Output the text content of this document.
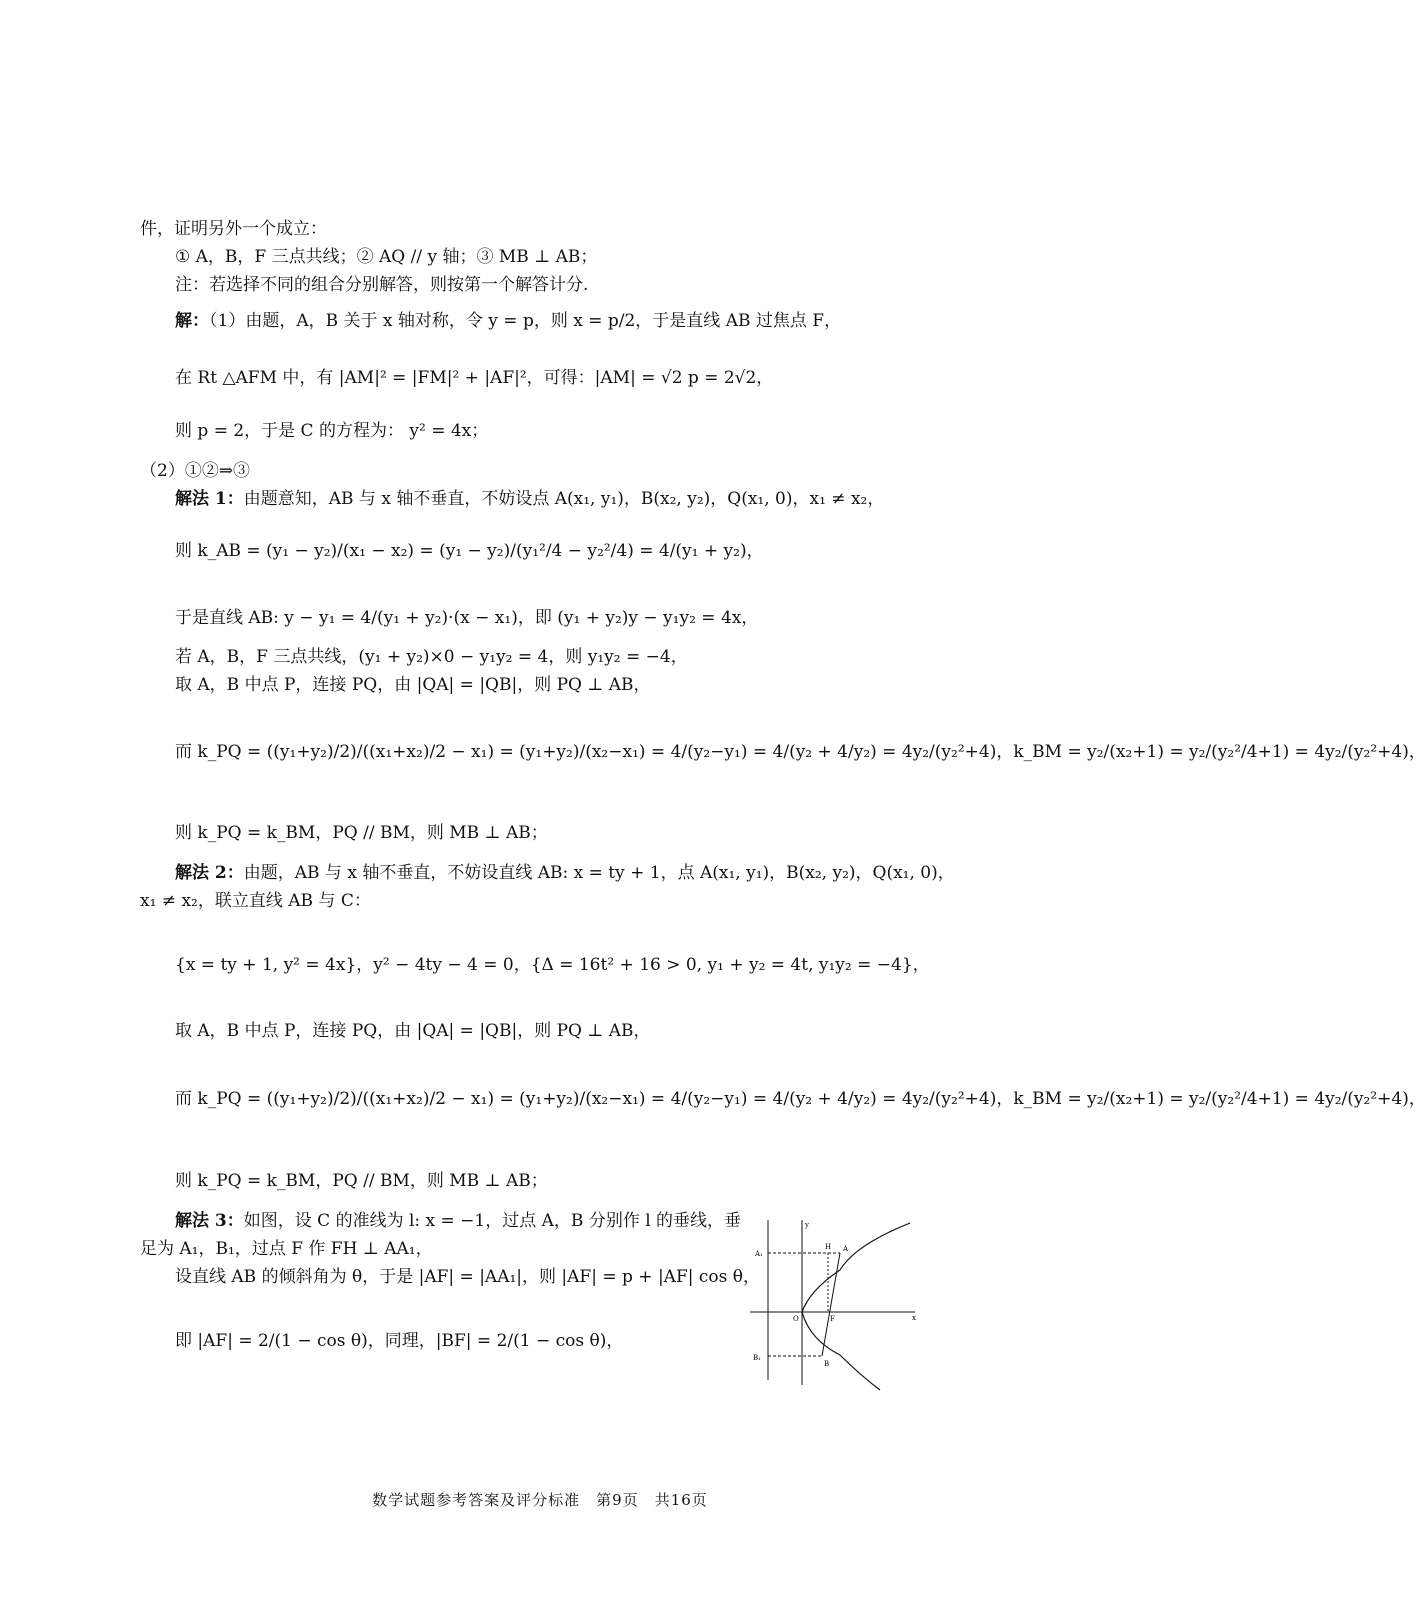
件，证明另外一个成立：
① A，B，F 三点共线；② AQ // y 轴；③ MB ⊥ AB；
注：若选择不同的组合分别解答，则按第一个解答计分.
解：（1）由题，A，B 关于 x 轴对称，令 y = p，则 x = p/2，于是直线 AB 过焦点 F，
在 Rt △AFM 中，有 |AM|² = |FM|² + |AF|²，可得：|AM| = √2 p = 2√2，
则 p = 2，于是 C 的方程为： y² = 4x；
（2）①②⇒③
解法 1：由题意知，AB 与 x 轴不垂直，不妨设点 A(x₁, y₁)，B(x₂, y₂)，Q(x₁, 0)，x₁ ≠ x₂，
则 k_AB = (y₁ − y₂)/(x₁ − x₂) = (y₁ − y₂)/(y₁²/4 − y₂²/4) = 4/(y₁ + y₂)，
于是直线 AB: y − y₁ = 4/(y₁ + y₂)·(x − x₁)，即 (y₁ + y₂)y − y₁y₂ = 4x，
若 A，B，F 三点共线，(y₁ + y₂)×0 − y₁y₂ = 4，则 y₁y₂ = −4，
取 A，B 中点 P，连接 PQ，由 |QA| = |QB|，则 PQ ⊥ AB，
而 k_PQ = ((y₁+y₂)/2)/((x₁+x₂)/2 − x₁) = (y₁+y₂)/(x₂−x₁) = 4/(y₂−y₁) = 4/(y₂ + 4/y₂) = 4y₂/(y₂²+4)，k_BM = y₂/(x₂+1) = y₂/(y₂²/4+1) = 4y₂/(y₂²+4)，
则 k_PQ = k_BM，PQ // BM，则 MB ⊥ AB；
解法 2：由题，AB 与 x 轴不垂直，不妨设直线 AB: x = ty + 1，点 A(x₁, y₁)，B(x₂, y₂)，Q(x₁, 0)，
x₁ ≠ x₂，联立直线 AB 与 C：
{x = ty + 1, y² = 4x}，y² − 4ty − 4 = 0，{Δ = 16t² + 16 > 0, y₁ + y₂ = 4t, y₁y₂ = −4}，
取 A，B 中点 P，连接 PQ，由 |QA| = |QB|，则 PQ ⊥ AB，
而 k_PQ = ((y₁+y₂)/2)/((x₁+x₂)/2 − x₁) = (y₁+y₂)/(x₂−x₁) = 4/(y₂−y₁) = 4/(y₂ + 4/y₂) = 4y₂/(y₂²+4)，k_BM = y₂/(x₂+1) = y₂/(y₂²/4+1) = 4y₂/(y₂²+4)，
则 k_PQ = k_BM，PQ // BM，则 MB ⊥ AB；
解法 3：如图，设 C 的准线为 l: x = −1，过点 A，B 分别作 l 的垂线，垂
足为 A₁，B₁，过点 F 作 FH ⊥ AA₁，
设直线 AB 的倾斜角为 θ，于是 |AF| = |AA₁|，则 |AF| = p + |AF| cos θ，
即 |AF| = 2/(1 − cos θ)，同理，|BF| = 2/(1 − cos θ)，
A₁
B₁
H A
O	F
B
x
y
数学试题参考答案及评分标准　第9页　共16页
